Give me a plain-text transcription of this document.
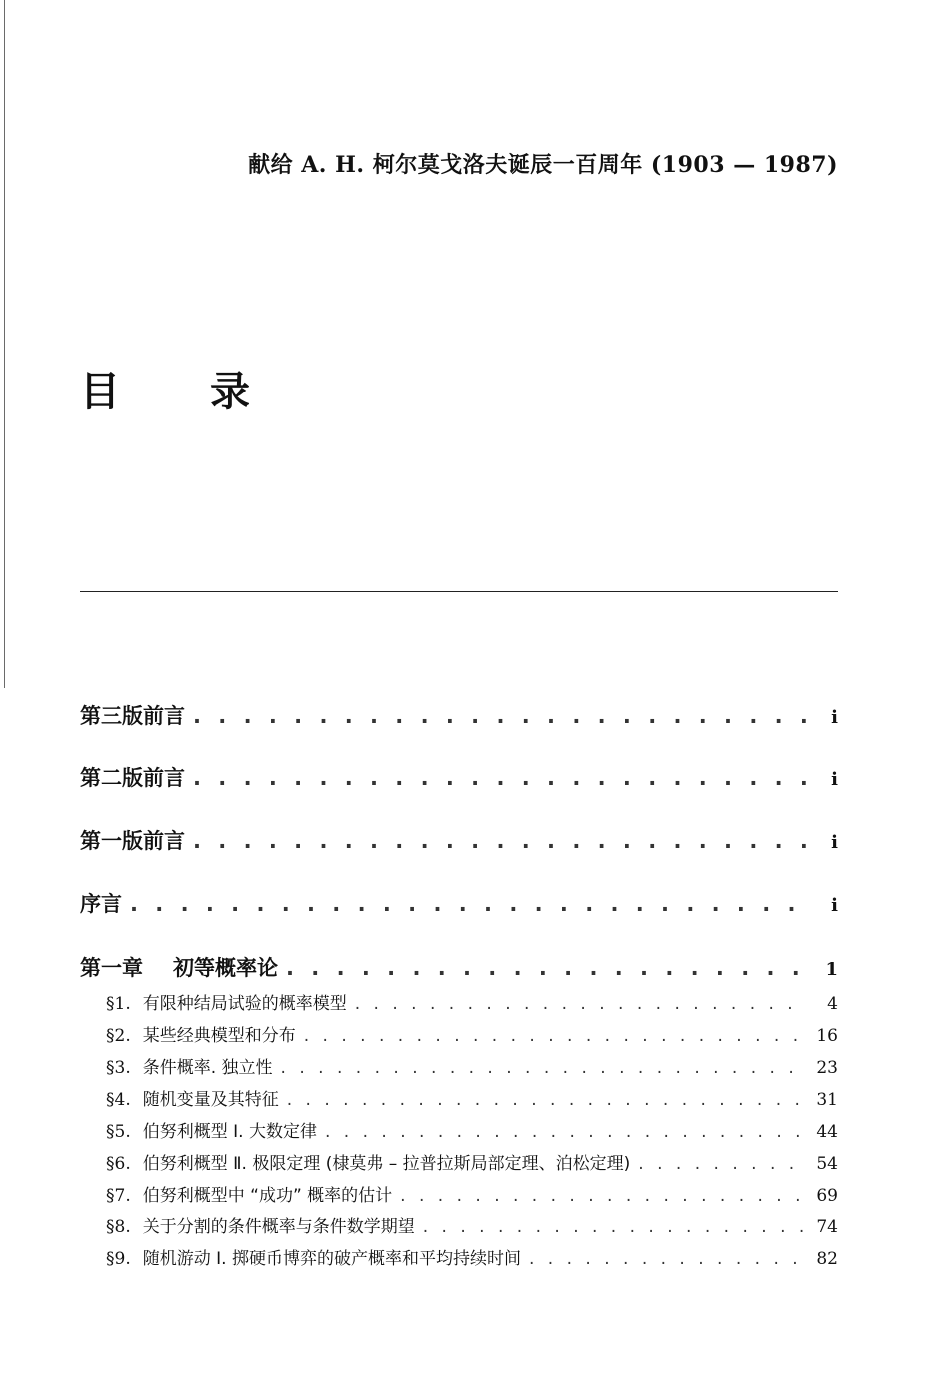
献给 A. H. 柯尔莫戈洛夫诞辰一百周年 (1903 — 1987)
目 录
第三版前言 . . .	i
第二版前言 . . .	i
第一版前言 . . .	i
序言 . . .	i
第一章 初等概率论 . . .	1
§1. 有限种结局试验的概率模型 . . .	4
§2. 某些经典模型和分布 . . .	16
§3. 条件概率. 独立性 . . .	23
§4. 随机变量及其特征 . . .	31
§5. 伯努利概型 I. 大数定律 . . .	44
§6. 伯努利概型 Ⅱ. 极限定理 (棣莫弗 – 拉普拉斯局部定理、泊松定理) . . .	54
§7. 伯努利概型中 “成功” 概率的估计 . . .	69
§8. 关于分割的条件概率与条件数学期望 . . .	74
§9. 随机游动 I. 掷硬币博弈的破产概率和平均持续时间 . . .	82
